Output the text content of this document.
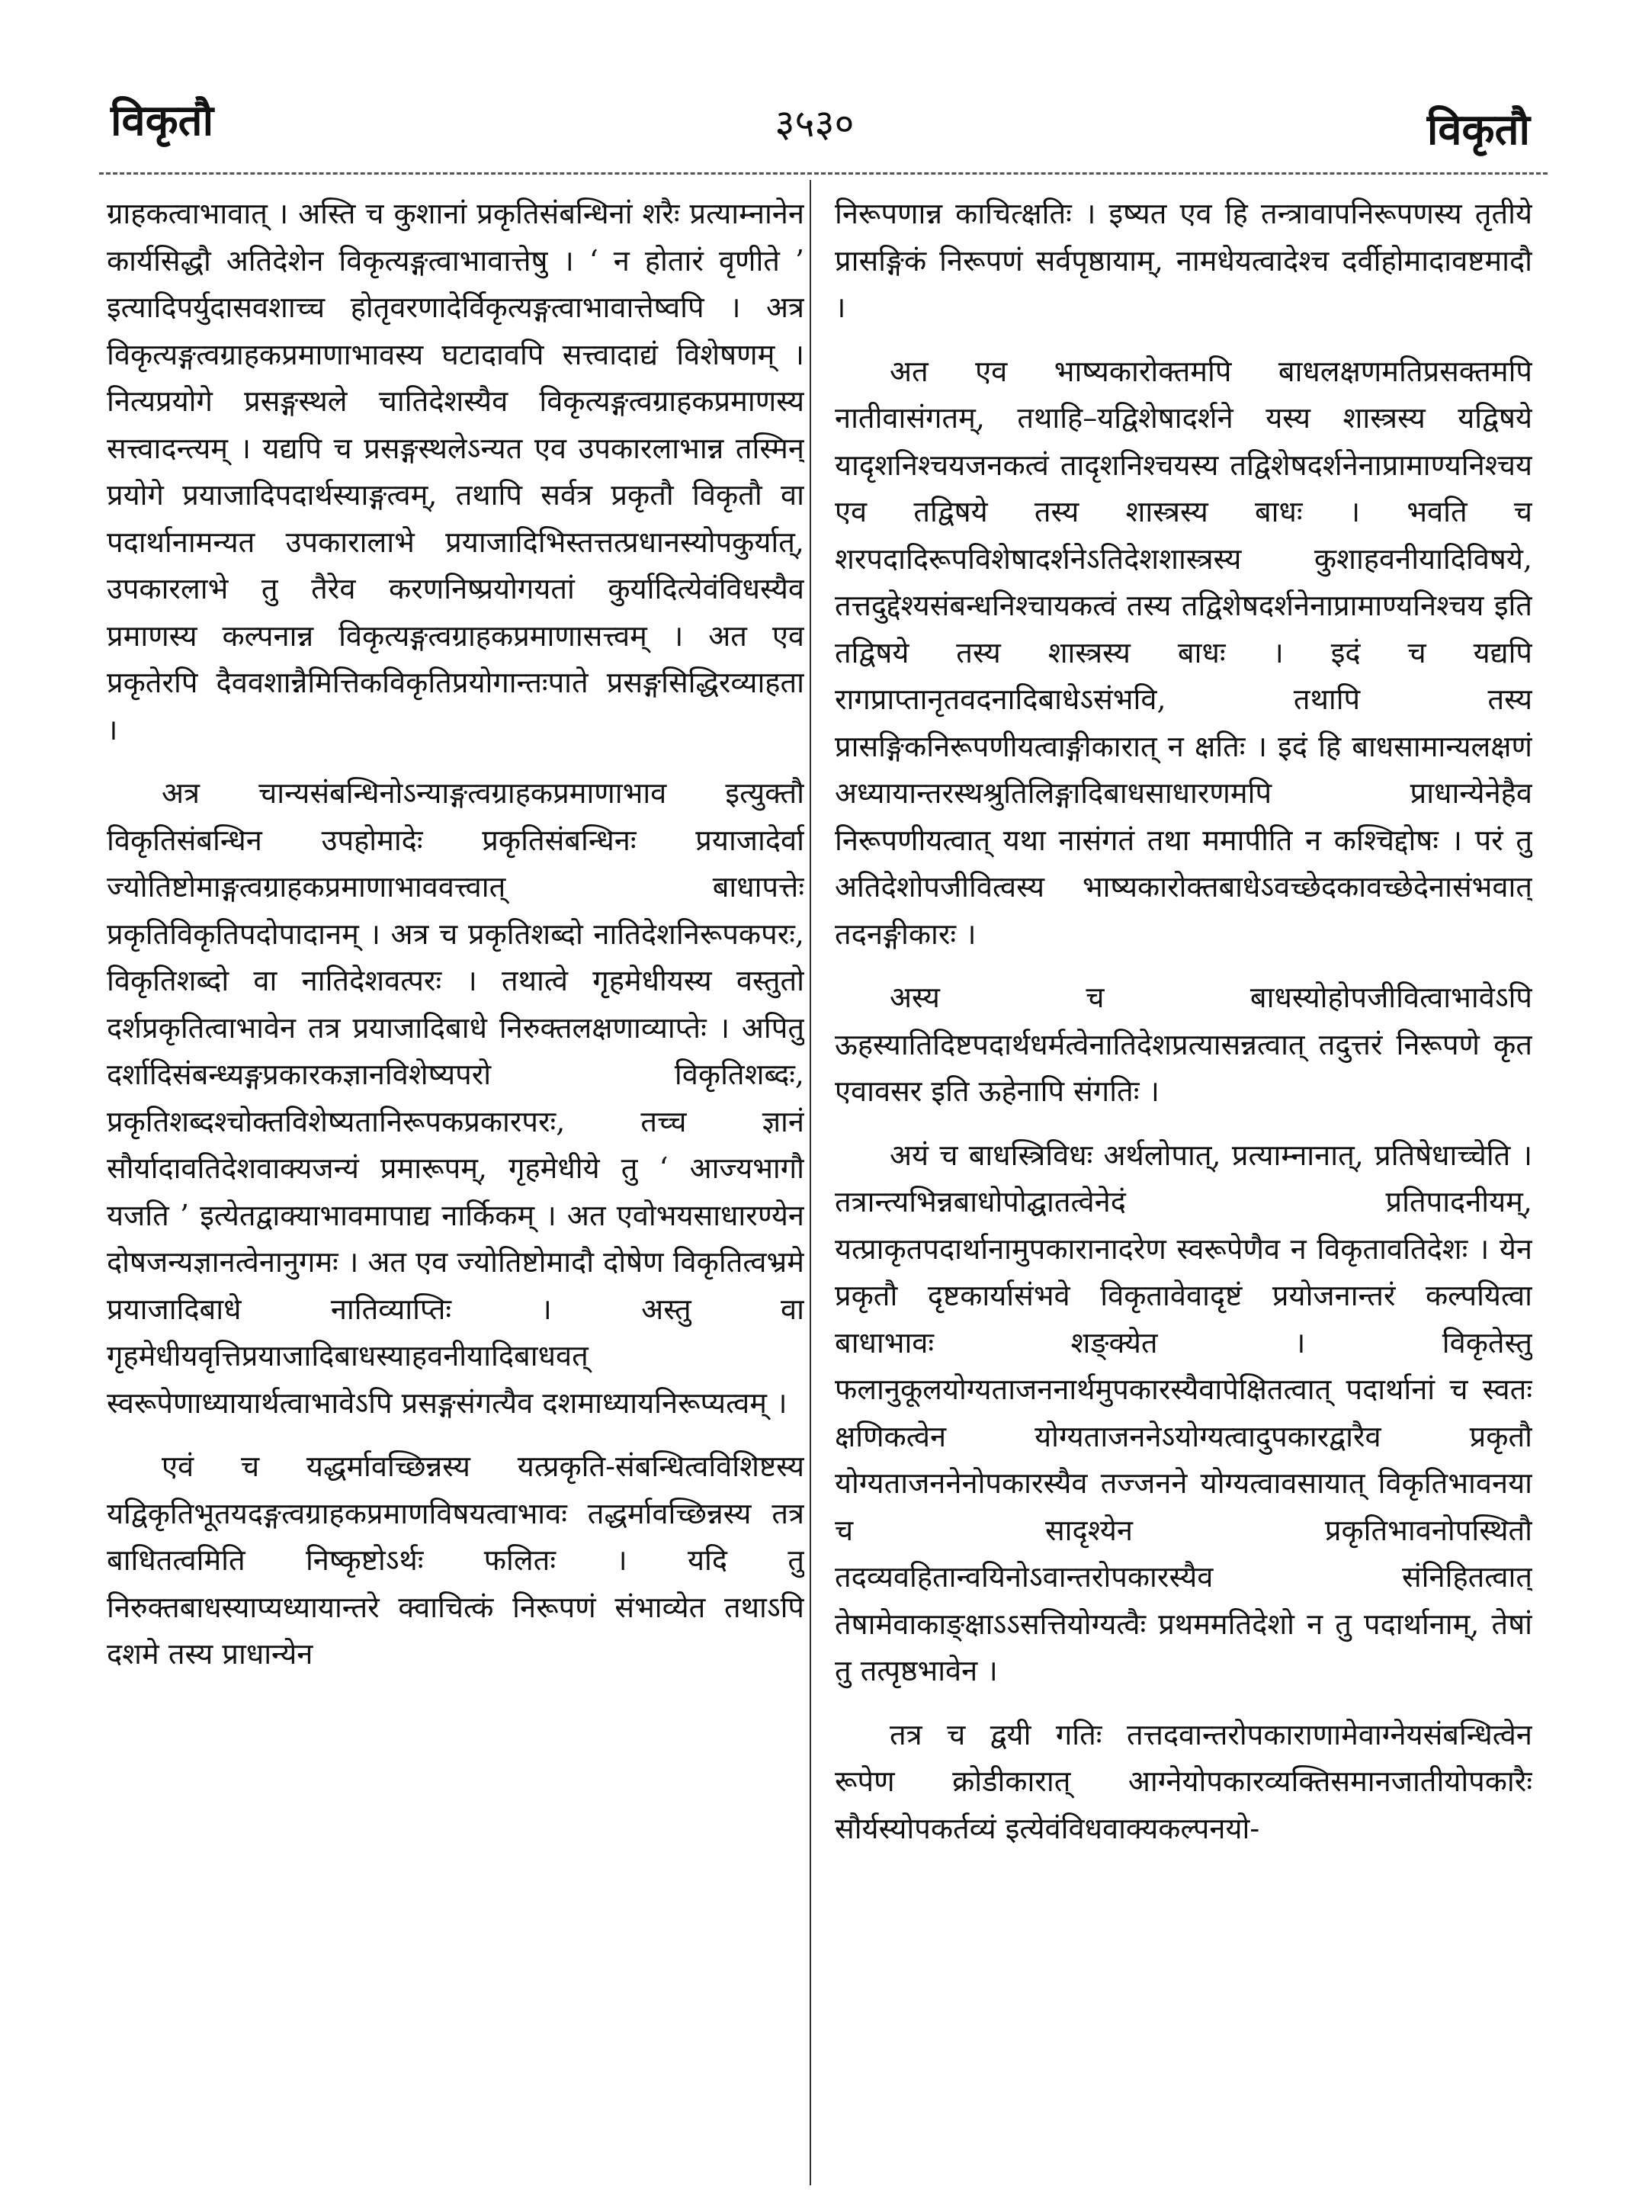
विकृतौ	३५३०	विकृतौ

ग्राहकत्वाभावात् । अस्ति च कुशानां प्रकृतिसंबन्धिनां शरैः प्रत्याम्नानेन कार्यसिद्धौ अतिदेशेन विकृत्यङ्गत्वाभावात्तेषु । ‘ न होतारं वृणीते ’ इत्यादिपर्युदासवशाच्च होतृवरणादेर्विकृत्यङ्गत्वाभावात्तेष्वपि । अत्र विकृत्यङ्गत्वग्राहकप्रमाणाभावस्य घटादावपि सत्त्वादाद्यं विशेषणम् । नित्यप्रयोगे प्रसङ्गस्थले चातिदेशस्यैव विकृत्यङ्गत्वग्राहकप्रमाणस्य सत्त्वादन्त्यम् । यद्यपि च प्रसङ्गस्थलेऽन्यत एव उपकारलाभान्न तस्मिन् प्रयोगे प्रयाजादिपदार्थस्याङ्गत्वम्, तथापि सर्वत्र प्रकृतौ विकृतौ वा पदार्थानामन्यत उपकारालाभे प्रयाजादिभिस्तत्तत्प्रधानस्योपकुर्यात्, उपकारलाभे तु तैरेव करणनिष्प्रयोगयतां कुर्यादित्येवंविधस्यैव प्रमाणस्य कल्पनान्न विकृत्यङ्गत्वग्राहकप्रमाणासत्त्वम् । अत एव प्रकृतेरपि दैववशान्नैमित्तिकविकृतिप्रयोगान्तःपाते प्रसङ्गसिद्धिरव्याहता ।

अत्र चान्यसंबन्धिनोऽन्याङ्गत्वग्राहकप्रमाणाभाव इत्युक्तौ विकृतिसंबन्धिन उपहोमादेः प्रकृतिसंबन्धिनः प्रयाजादेर्वा ज्योतिष्टोमाङ्गत्वग्राहकप्रमाणाभाववत्त्वात् बाधापत्तेः प्रकृतिविकृतिपदोपादानम् । अत्र च प्रकृतिशब्दो नातिदेशनिरूपकपरः, विकृतिशब्दो वा नातिदेशवत्परः । तथात्वे गृहमेधीयस्य वस्तुतो दर्शप्रकृतित्वाभावेन तत्र प्रयाजादिबाधे निरुक्तलक्षणाव्याप्तेः । अपितु दर्शादिसंबन्ध्यङ्गप्रकारकज्ञानविशेष्यपरो विकृतिशब्दः, प्रकृतिशब्दश्चोक्तविशेष्यतानिरूपकप्रकारपरः, तच्च ज्ञानं सौर्यादावतिदेशवाक्यजन्यं प्रमारूपम्, गृहमेधीये तु ‘ आज्यभागौ यजति ’ इत्येतद्वाक्याभावमापाद्य नार्किकम् । अत एवोभयसाधारण्येन दोषजन्यज्ञानत्वेनानुगमः । अत एव ज्योतिष्टोमादौ दोषेण विकृतित्वभ्रमे प्रयाजादिबाधे नातिव्याप्तिः । अस्तु वा गृहमेधीयवृत्तिप्रयाजादिबाधस्याहवनीयादिबाधवत् स्वरूपेणाध्यायार्थत्वाभावेऽपि प्रसङ्गसंगत्यैव दशमाध्यायनिरूप्यत्वम् ।

एवं च यद्धर्मावच्छिन्नस्य यत्प्रकृति-संबन्धित्वविशिष्टस्य यद्विकृतिभूतयदङ्गत्वग्राहकप्रमाणविषयत्वाभावः तद्धर्मावच्छिन्नस्य तत्र बाधितत्वमिति निष्कृष्टोऽर्थः फलितः । यदि तु निरुक्तबाधस्याप्यध्यायान्तरे क्वाचित्कं निरूपणं संभाव्येत तथाऽपि दशमे तस्य प्राधान्येन

निरूपणान्न काचित्क्षतिः । इष्यत एव हि तन्त्रावापनिरूपणस्य तृतीये प्रासङ्गिकं निरूपणं सर्वपृष्ठायाम्, नामधेयत्वादेश्च दर्वीहोमादावष्टमादौ ।

अत एव भाष्यकारोक्तमपि बाधलक्षणमतिप्रसक्तमपि नातीवासंगतम्, तथाहि–यद्विशेषादर्शने यस्य शास्त्रस्य यद्विषये यादृशनिश्चयजनकत्वं तादृशनिश्चयस्य तद्विशेषदर्शनेनाप्रामाण्यनिश्चय एव तद्विषये तस्य शास्त्रस्य बाधः । भवति च शरपदादिरूपविशेषादर्शनेऽतिदेशशास्त्रस्य कुशाहवनीयादिविषये, तत्तदुद्देश्यसंबन्धनिश्चायकत्वं तस्य तद्विशेषदर्शनेनाप्रामाण्यनिश्चय इति तद्विषये तस्य शास्त्रस्य बाधः । इदं च यद्यपि रागप्राप्तानृतवदनादिबाधेऽसंभवि, तथापि तस्य प्रासङ्गिकनिरूपणीयत्वाङ्गीकारात् न क्षतिः । इदं हि बाधसामान्यलक्षणं अध्यायान्तरस्थश्रुतिलिङ्गादिबाधसाधारणमपि प्राधान्येनेहैव निरूपणीयत्वात् यथा नासंगतं तथा ममापीति न कश्चिद्दोषः । परं तु अतिदेशोपजीवित्वस्य भाष्यकारोक्तबाधेऽवच्छेदकावच्छेदेनासंभवात् तदनङ्गीकारः ।

अस्य च बाधस्योहोपजीवित्वाभावेऽपि ऊहस्यातिदिष्टपदार्थधर्मत्वेनातिदेशप्रत्यासन्नत्वात् तदुत्तरं निरूपणे कृत एवावसर इति ऊहेनापि संगतिः ।

अयं च बाधस्त्रिविधः अर्थलोपात्, प्रत्याम्नानात्, प्रतिषेधाच्चेति । तत्रान्त्यभिन्नबाधोपोद्घातत्वेनेदं प्रतिपादनीयम्, यत्प्राकृतपदार्थानामुपकारानादरेण स्वरूपेणैव न विकृतावतिदेशः । येन प्रकृतौ दृष्टकार्यासंभवे विकृतावेवादृष्टं प्रयोजनान्तरं कल्पयित्वा बाधाभावः शङ्क्येत । विकृतेस्तु फलानुकूलयोग्यताजननार्थमुपकारस्यैवापेक्षितत्वात् पदार्थानां च स्वतः क्षणिकत्वेन योग्यताजननेऽयोग्यत्वादुपकारद्वारैव प्रकृतौ योग्यताजननेनोपकारस्यैव तज्जनने योग्यत्वावसायात् विकृतिभावनया च सादृश्येन प्रकृतिभावनोपस्थितौ तदव्यवहितान्वयिनोऽवान्तरोपकारस्यैव संनिहितत्वात् तेषामेवाकाङ्क्षाऽऽसत्तियोग्यत्वैः प्रथममतिदेशो न तु पदार्थानाम्, तेषां तु तत्पृष्ठभावेन ।

तत्र च द्वयी गतिः तत्तदवान्तरोपकाराणामेवाग्नेयसंबन्धित्वेन रूपेण क्रोडीकारात् आग्नेयोपकारव्यक्तिसमानजातीयोपकारैः सौर्यस्योपकर्तव्यं इत्येवंविधवाक्यकल्पनयो-
